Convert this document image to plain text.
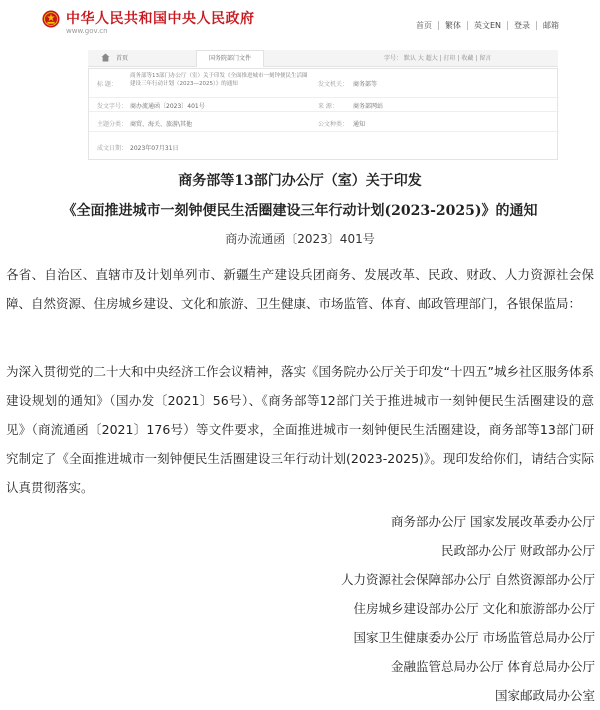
中华人民共和国中央人民政府
www.gov.cn
首页	繁体	英文EN	登录	邮箱
首页	国务院部门文件	字号： 默认 大 超大 | 打印 | 收藏 | 留言
标 题：
商务部等13部门办公厅（室）关于印发《全面推进城市一刻钟便民生活圈建设三年行动计划（2023—2025）》的通知	发文机关： 商务部等
发文字号： 商办流通函〔2023〕401号	来 源：	商务部网站
主题分类： 商贸、海关、旅游\其他	公文种类： 通知
成文日期： 2023年07月31日
商务部等13部门办公厅（室）关于印发
《全面推进城市一刻钟便民生活圈建设三年行动计划(2023-2025)》的通知
商办流通函〔2023〕401号
各省、自治区、直辖市及计划单列市、新疆生产建设兵团商务、发展改革、民政、财政、人力资源社会保障、自然资源、住房城乡建设、文化和旅游、卫生健康、市场监管、体育、邮政管理部门，各银保监局：
为深入贯彻党的二十大和中央经济工作会议精神，落实《国务院办公厅关于印发“十四五”城乡社区服务体系建设规划的通知》（国办发〔2021〕56号）、《商务部等12部门关于推进城市一刻钟便民生活圈建设的意见》（商流通函〔2021〕176号）等文件要求，全面推进城市一刻钟便民生活圈建设，商务部等13部门研究制定了《全面推进城市一刻钟便民生活圈建设三年行动计划(2023-2025)》。现印发给你们，请结合实际认真贯彻落实。
商务部办公厅 国家发展改革委办公厅
民政部办公厅 财政部办公厅
人力资源社会保障部办公厅 自然资源部办公厅
住房城乡建设部办公厅 文化和旅游部办公厅
国家卫生健康委办公厅 市场监管总局办公厅
金融监管总局办公厅 体育总局办公厅
国家邮政局办公室
